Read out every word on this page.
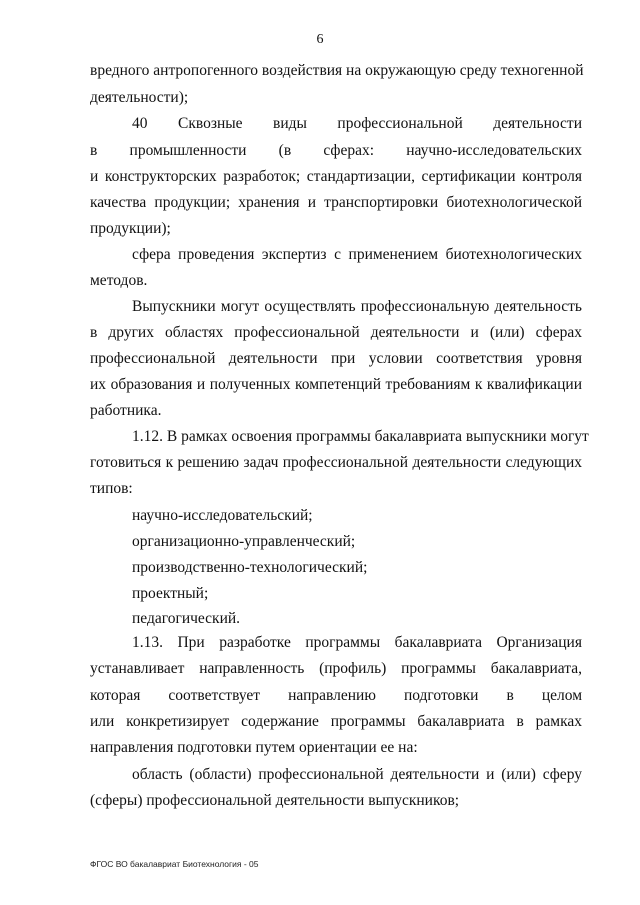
6
вредного антропогенного воздействия на окружающую среду техногенной
деятельности);
40 Сквозные виды профессиональной деятельности
в промышленности (в сферах: научно-исследовательских
и конструкторских разработок; стандартизации, сертификации контроля
качества продукции; хранения и транспортировки биотехнологической
продукции);
сфера проведения экспертиз с применением биотехнологических
методов.
Выпускники могут осуществлять профессиональную деятельность
в других областях профессиональной деятельности и (или) сферах
профессиональной деятельности при условии соответствия уровня
их образования и полученных компетенций требованиям к квалификации
работника.
1.12. В рамках освоения программы бакалавриата выпускники могут
готовиться к решению задач профессиональной деятельности следующих
типов:
научно-исследовательский;
организационно-управленческий;
производственно-технологический;
проектный;
педагогический.
1.13. При разработке программы бакалавриата Организация
устанавливает направленность (профиль) программы бакалавриата,
которая соответствует направлению подготовки в целом
или конкретизирует содержание программы бакалавриата в рамках
направления подготовки путем ориентации ее на:
область (области) профессиональной деятельности и (или) сферу
(сферы) профессиональной деятельности выпускников;
ФГОС ВО бакалавриат Биотехнология - 05
